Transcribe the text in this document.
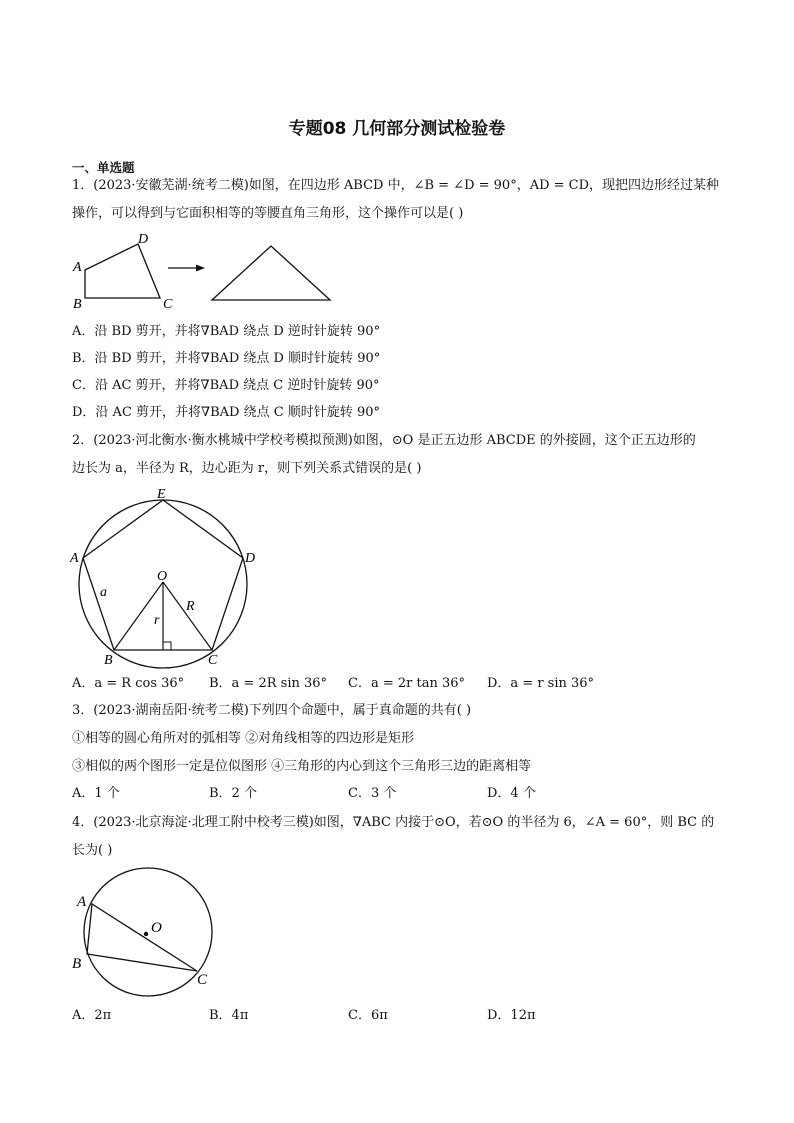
专题08 几何部分测试检验卷
一、单选题
1．(2023·安徽芜湖·统考二模)如图，在四边形 ABCD 中，∠B = ∠D = 90°，AD = CD，现把四边形经过某种
操作，可以得到与它面积相等的等腰直角三角形，这个操作可以是( )
A
D
B	C
A．沿 BD 剪开，并将∇BAD 绕点 D 逆时针旋转 90°
B．沿 BD 剪开，并将∇BAD 绕点 D 顺时针旋转 90°
C．沿 AC 剪开，并将∇BAD 绕点 C 逆时针旋转 90°
D．沿 AC 剪开，并将∇BAD 绕点 C 顺时针旋转 90°
2．(2023·河北衡水·衡水桃城中学校考模拟预测)如图，⊙O 是正五边形 ABCDE 的外接圆，这个正五边形的
边长为 a，半径为 R，边心距为 r，则下列关系式错误的是( )
E
A	D
O
a
R
r
B	C
A．a = R cos 36° B．a = 2R sin 36° C．a = 2r tan 36° D．a = r sin 36°
3．(2023·湖南岳阳·统考二模)下列四个命题中，属于真命题的共有( )
①相等的圆心角所对的弧相等 ②对角线相等的四边形是矩形
③相似的两个图形一定是位似图形 ④三角形的内心到这个三角形三边的距离相等
A．1 个	B．2 个	C．3 个	D．4 个
4．(2023·北京海淀·北理工附中校考三模)如图，∇ABC 内接于⊙O，若⊙O 的半径为 6，∠A = 60°，则 BC 的
长为( )
O
A
B
C
A．2π	B．4π	C．6π	D．12π
